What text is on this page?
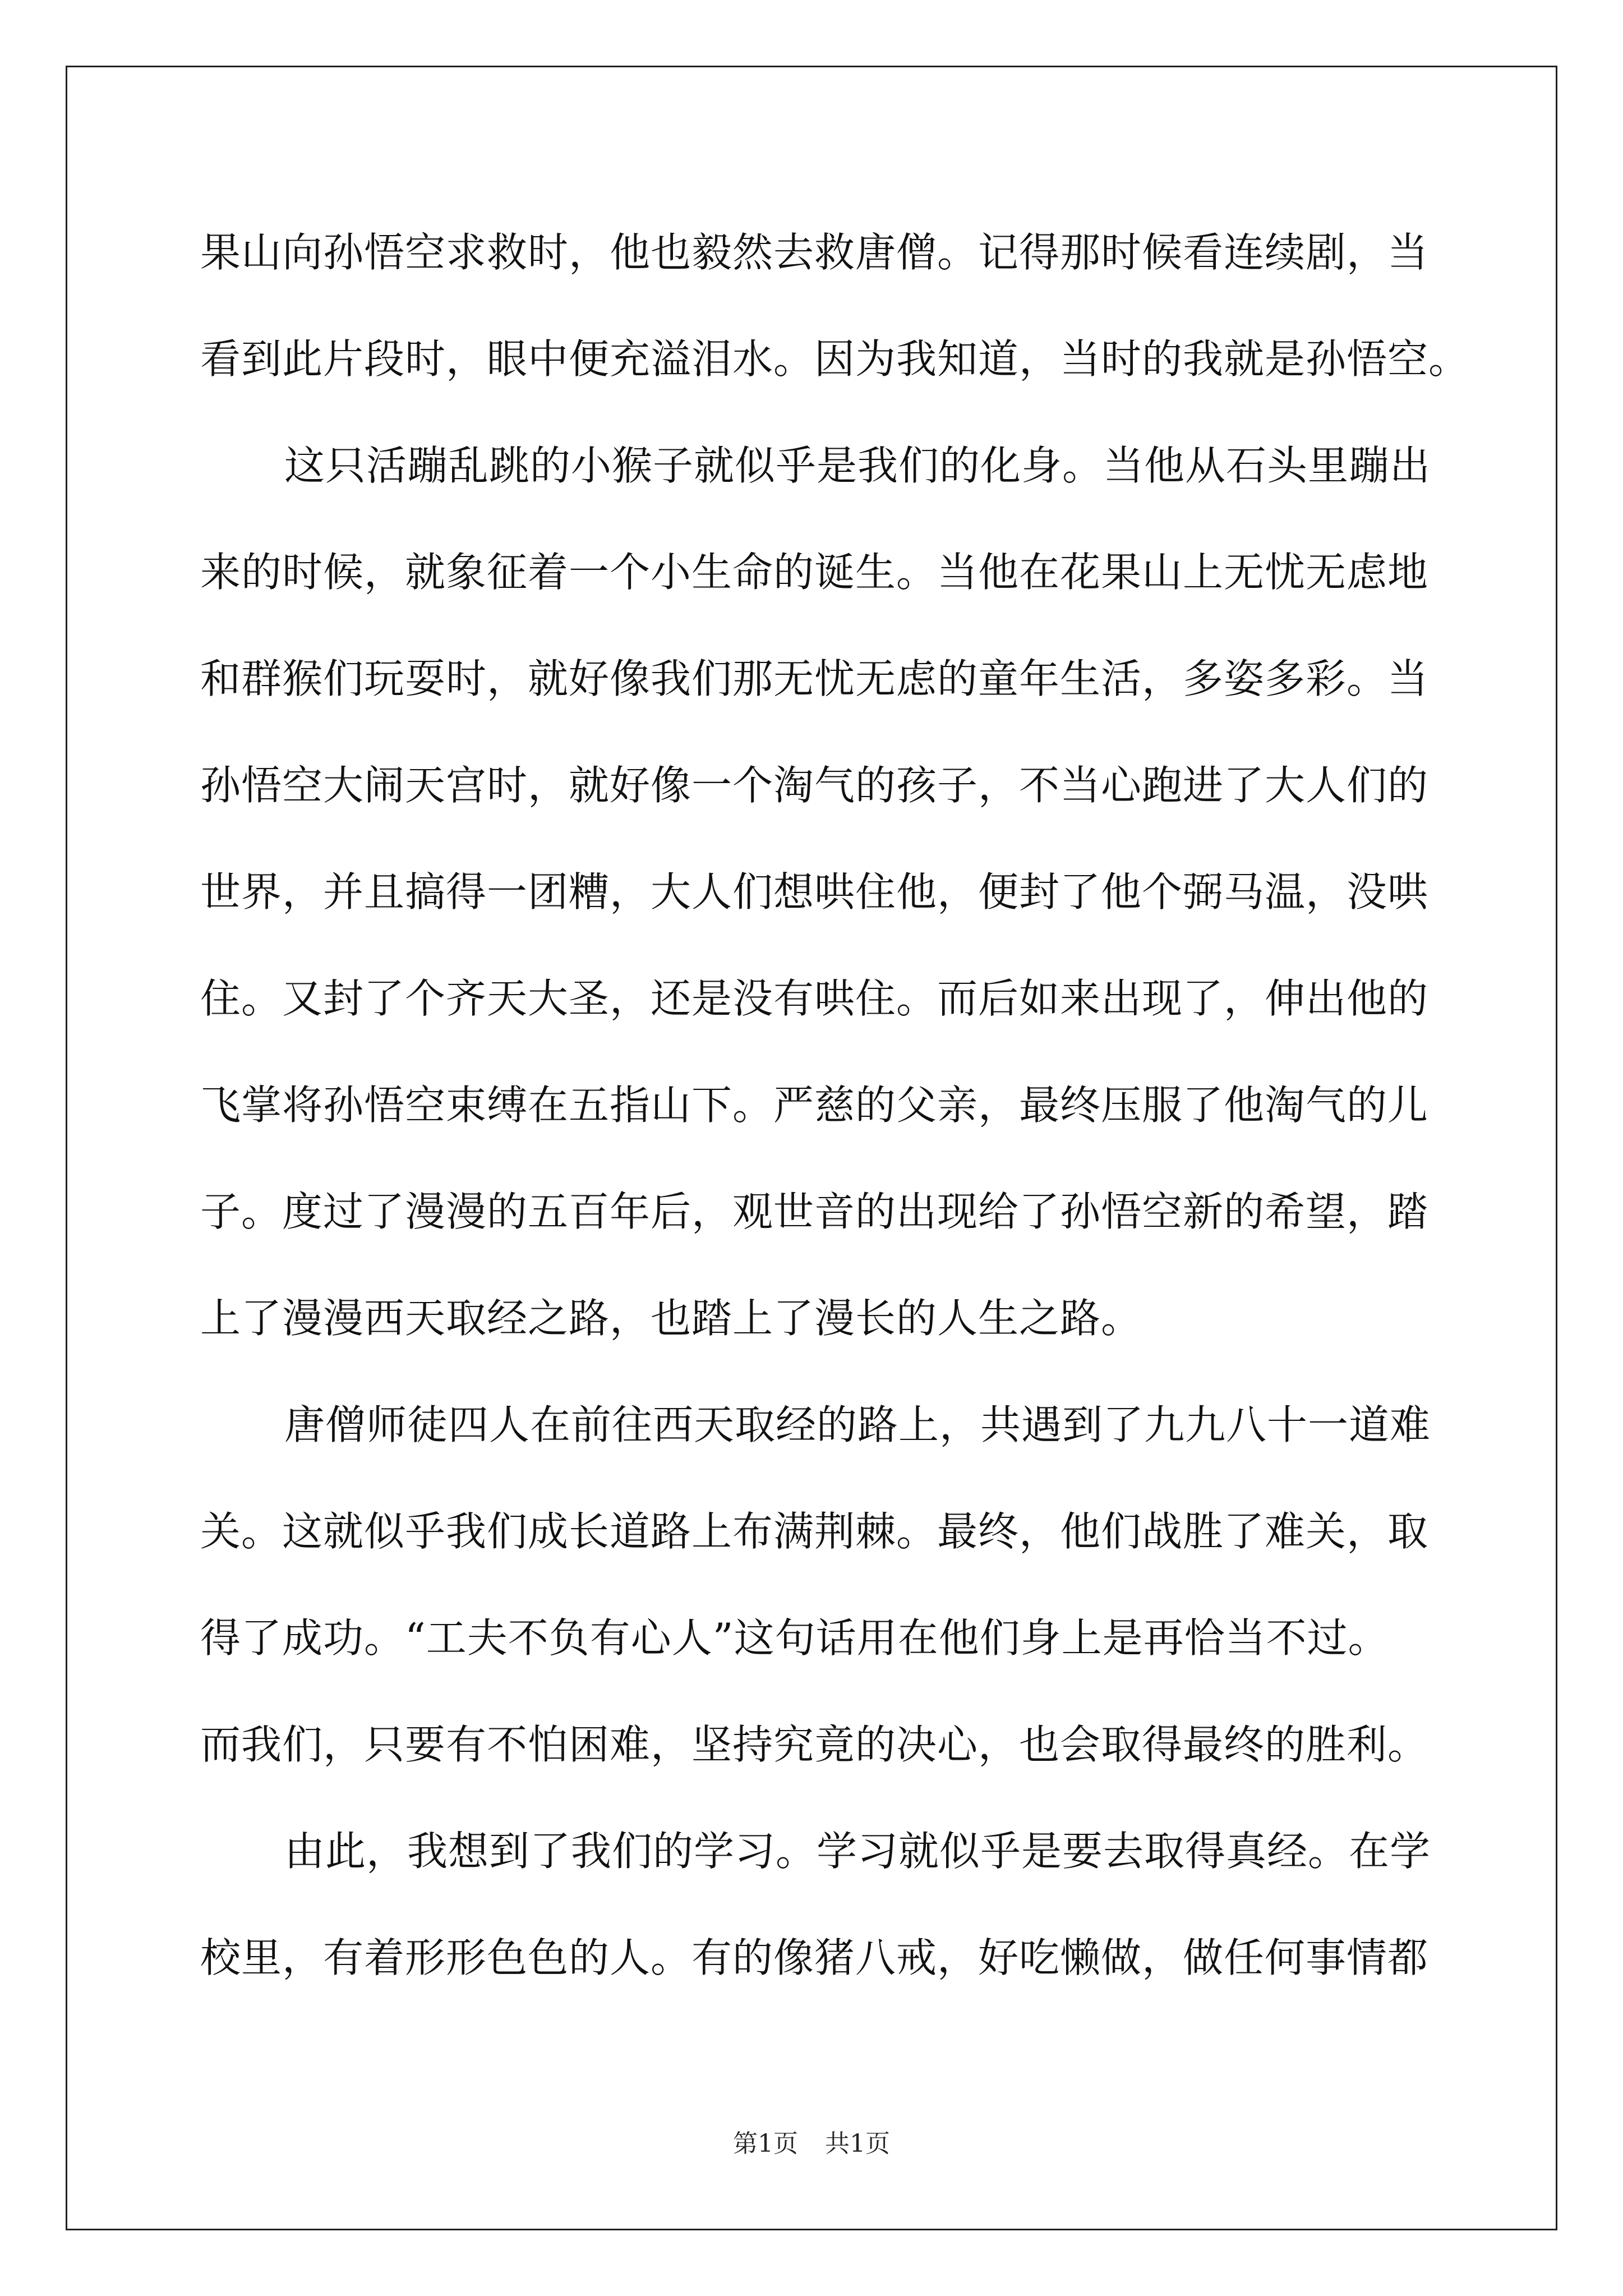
果山向孙悟空求救时，他也毅然去救唐僧。记得那时候看连续剧，当
看到此片段时，眼中便充溢泪水。因为我知道，当时的我就是孙悟空。
这只活蹦乱跳的小猴子就似乎是我们的化身。当他从石头里蹦出
来的时候，就象征着一个小生命的诞生。当他在花果山上无忧无虑地
和群猴们玩耍时，就好像我们那无忧无虑的童年生活，多姿多彩。当
孙悟空大闹天宫时，就好像一个淘气的孩子，不当心跑进了大人们的
世界，并且搞得一团糟，大人们想哄住他，便封了他个弼马温，没哄
住。又封了个齐天大圣，还是没有哄住。而后如来出现了，伸出他的
飞掌将孙悟空束缚在五指山下。严慈的父亲，最终压服了他淘气的儿
子。度过了漫漫的五百年后，观世音的出现给了孙悟空新的希望，踏
上了漫漫西天取经之路，也踏上了漫长的人生之路。
唐僧师徒四人在前往西天取经的路上，共遇到了九九八十一道难
关。这就似乎我们成长道路上布满荆棘。最终，他们战胜了难关，取
得了成功。“工夫不负有心人”这句话用在他们身上是再恰当不过。
而我们，只要有不怕困难，坚持究竟的决心，也会取得最终的胜利。
由此，我想到了我们的学习。学习就似乎是要去取得真经。在学
校里，有着形形色色的人。有的像猪八戒，好吃懒做，做任何事情都
第1页 共1页
